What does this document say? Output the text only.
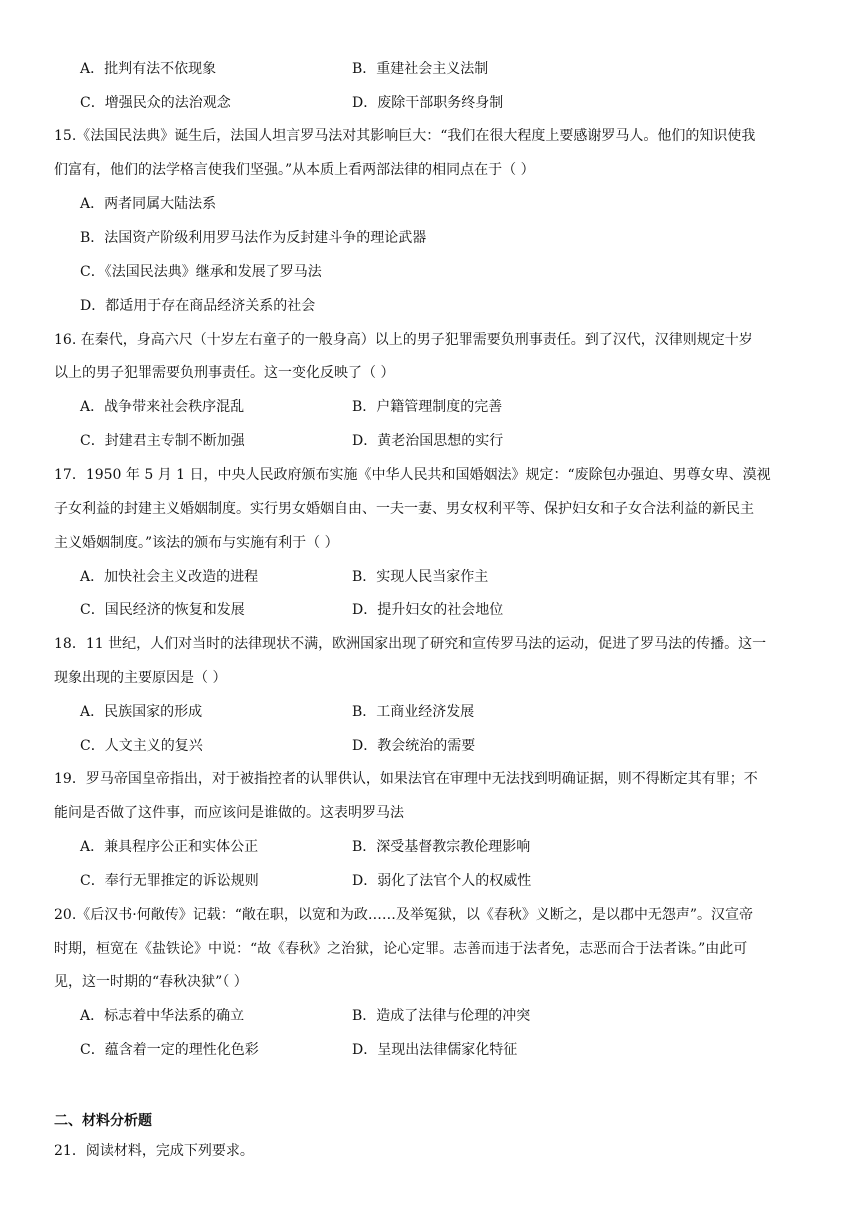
A．批判有法不依现象	B．重建社会主义法制
C．增强民众的法治观念	D．废除干部职务终身制
15.《法国民法典》诞生后，法国人坦言罗马法对其影响巨大：“我们在很大程度上要感谢罗马人。他们的知识使我
们富有，他们的法学格言使我们坚强。”从本质上看两部法律的相同点在于（ ）
A．两者同属大陆法系
B．法国资产阶级利用罗马法作为反封建斗争的理论武器
C．《法国民法典》继承和发展了罗马法
D．都适用于存在商品经济关系的社会
16. 在秦代，身高六尺（十岁左右童子的一般身高）以上的男子犯罪需要负刑事责任。到了汉代，汉律则规定十岁
以上的男子犯罪需要负刑事责任。这一变化反映了（ ）
A．战争带来社会秩序混乱	B．户籍管理制度的完善
C．封建君主专制不断加强	D．黄老治国思想的实行
17．1950 年 5 月 1 日，中央人民政府颁布实施《中华人民共和国婚姻法》规定：“废除包办强迫、男尊女卑、漠视
子女利益的封建主义婚姻制度。实行男女婚姻自由、一夫一妻、男女权利平等、保护妇女和子女合法利益的新民主
主义婚姻制度。”该法的颁布与实施有利于（ ）
A．加快社会主义改造的进程	B．实现人民当家作主
C．国民经济的恢复和发展	D．提升妇女的社会地位
18．11 世纪，人们对当时的法律现状不满，欧洲国家出现了研究和宣传罗马法的运动，促进了罗马法的传播。这一
现象出现的主要原因是（ ）
A．民族国家的形成	B．工商业经济发展
C．人文主义的复兴	D．教会统治的需要
19．罗马帝国皇帝指出，对于被指控者的认罪供认，如果法官在审理中无法找到明确证据，则不得断定其有罪；不
能问是否做了这件事，而应该问是谁做的。这表明罗马法
A．兼具程序公正和实体公正	B．深受基督教宗教伦理影响
C．奉行无罪推定的诉讼规则	D．弱化了法官个人的权威性
20.《后汉书·何敞传》记载：“敞在职，以宽和为政……及举冤狱，以《春秋》义断之，是以郡中无怨声”。汉宣帝
时期，桓宽在《盐铁论》中说：“故《春秋》之治狱，论心定罪。志善而违于法者免，志恶而合于法者诛。”由此可
见，这一时期的“春秋决狱”（ ）
A．标志着中华法系的确立	B．造成了法律与伦理的冲突
C．蕴含着一定的理性化色彩	D．呈现出法律儒家化特征
二、材料分析题
21．阅读材料，完成下列要求。
